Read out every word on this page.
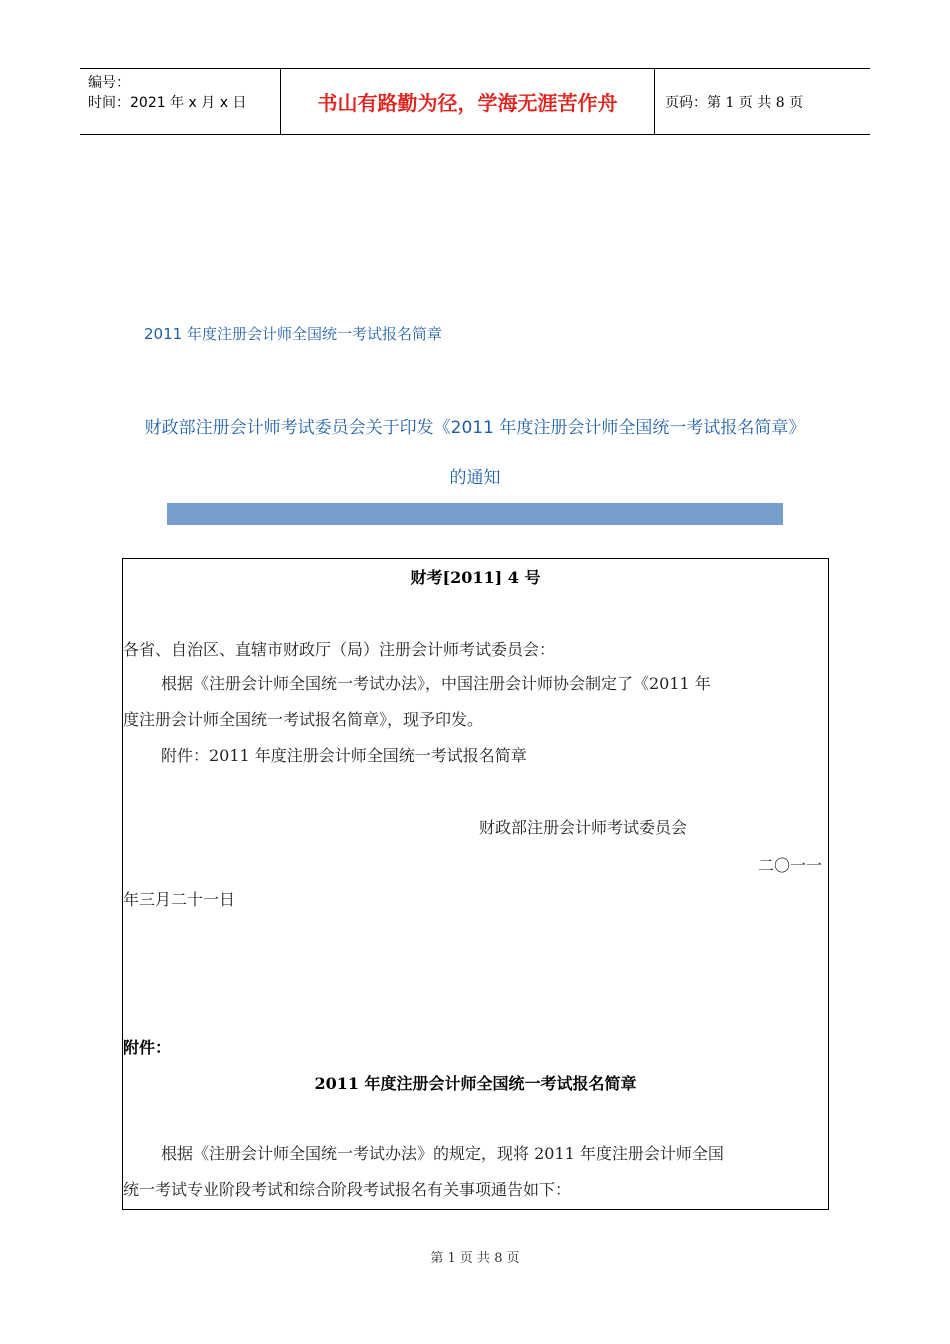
编号：
时间：2021 年 x 月 x 日	书山有路勤为径，学海无涯苦作舟	页码：第 1 页 共 8 页
2011 年度注册会计师全国统一考试报名简章
财政部注册会计师考试委员会关于印发《2011 年度注册会计师全国统一考试报名简章》
的通知
财考[2011] 4 号
各省、自治区、直辖市财政厅（局）注册会计师考试委员会：
根据《注册会计师全国统一考试办法》，中国注册会计师协会制定了《2011 年
度注册会计师全国统一考试报名简章》，现予印发。
附件：2011 年度注册会计师全国统一考试报名简章
财政部注册会计师考试委员会
二〇一一
年三月二十一日
附件：
2011 年度注册会计师全国统一考试报名简章
根据《注册会计师全国统一考试办法》的规定，现将 2011 年度注册会计师全国
统一考试专业阶段考试和综合阶段考试报名有关事项通告如下：
第 1 页 共 8 页
